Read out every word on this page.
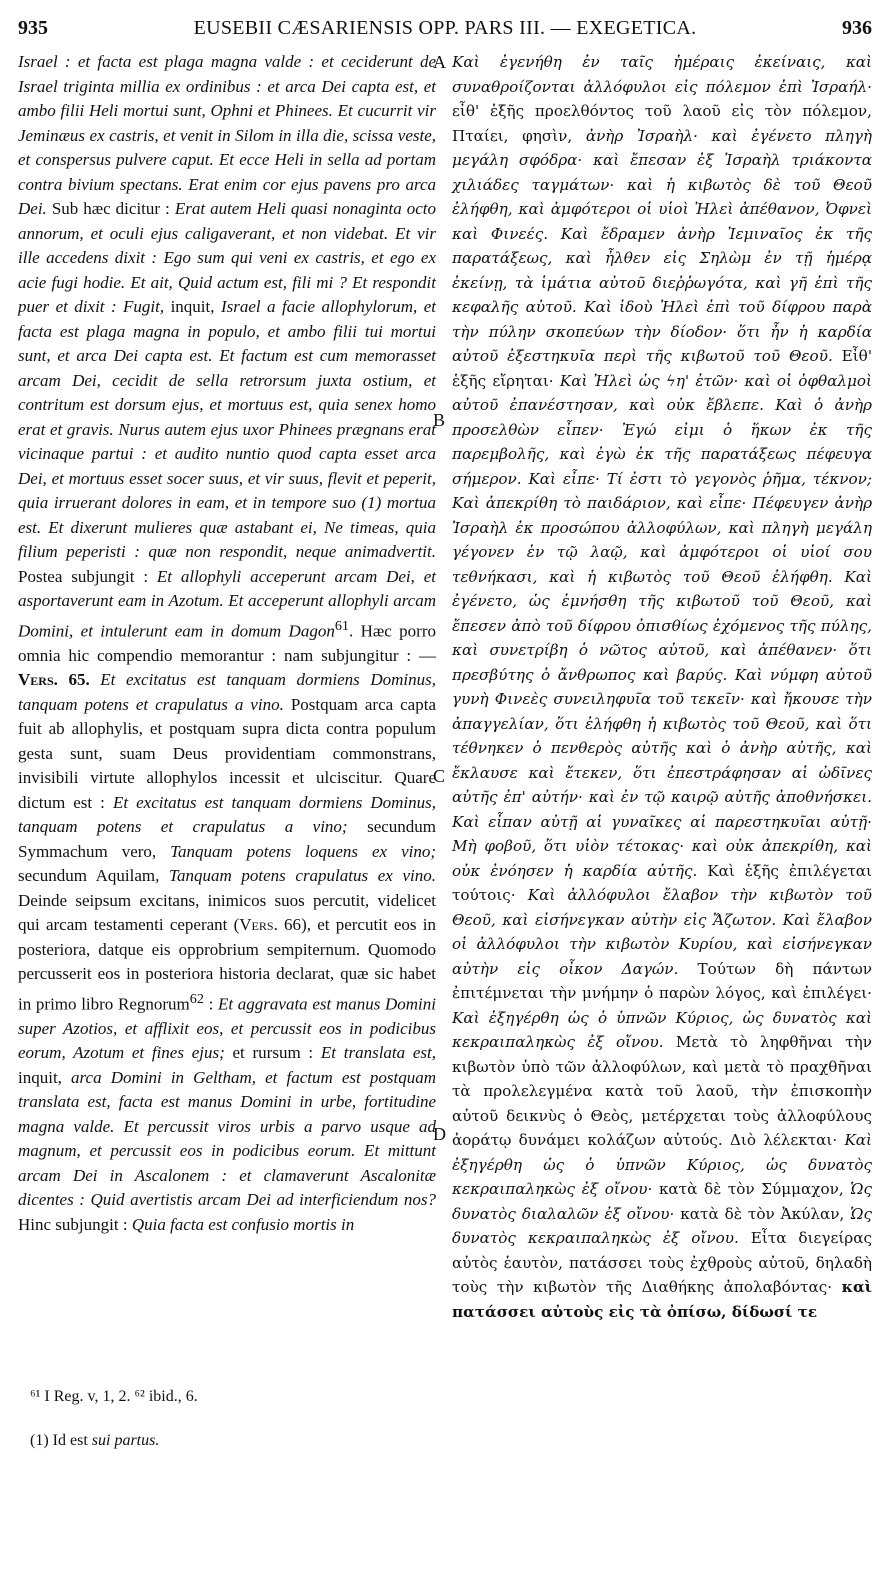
935	EUSEBII CÆSARIENSIS OPP. PARS III. — EXEGETICA.	936

Israel : et facta est plaga magna valde : et ceciderunt de Israel triginta millia ex ordinibus : et arca Dei capta est, et ambo filii Heli mortui sunt, Ophni et Phinees. Et cucurrit vir Jeminæus ex castris, et venit in Silom in illa die, scissa veste, et conspersus pulvere caput. Et ecce Heli in sella ad portam contra bivium spectans. Erat enim cor ejus pavens pro arca Dei. Sub hæc dicitur : Erat autem Heli quasi nonaginta octo annorum, et oculi ejus caligaverant, et non videbat. Et vir ille accedens dixit : Ego sum qui veni ex castris, et ego ex acie fugi hodie. Et ait, Quid actum est, fili mi ? Et respondit puer et dixit : Fugit, inquit, Israel a facie allophylorum, et facta est plaga magna in populo, et ambo filii tui mortui sunt, et arca Dei capta est. Et factum est cum memorasset arcam Dei, cecidit de sella retrorsum juxta ostium, et contritum est dorsum ejus, et mortuus est, quia senex homo erat et gravis. Nurus autem ejus uxor Phinees prægnans erat vicinaque partui : et audito nuntio quod capta esset arca Dei, et mortuus esset socer suus, et vir suus, flevit et peperit, quia irruerant dolores in eam, et in tempore suo (1) mortua est. Et dixerunt mulieres quæ astabant ei, Ne timeas, quia filium peperisti : quæ non respondit, neque animadvertit. Postea subjungit : Et allophyli acceperunt arcam Dei, et asportaverunt eam in Azotum. Et acceperunt allophyli arcam Domini, et intulerunt eam in domum Dagon$^{61}$. Hæc porro omnia hic compendio memorantur : nam subjungitur : — Vers. 65. Et excitatus est tanquam dormiens Dominus, tanquam potens et crapulatus a vino. Postquam arca capta fuit ab allophylis, et postquam supra dicta contra populum gesta sunt, suam Deus providentiam commonstrans, invisibili virtute allophylos incessit et ulciscitur. Quare dictum est : Et excitatus est tanquam dormiens Dominus, tanquam potens et crapulatus a vino; secundum Symmachum vero, Tanquam potens loquens ex vino; secundum Aquilam, Tanquam potens crapulatus ex vino. Deinde seipsum excitans, inimicos suos percutit, videlicet qui arcam testamenti ceperant (Vers. 66), et percutit eos in posteriora, datque eis opprobrium sempiternum. Quomodo percusserit eos in posteriora historia declarat, quæ sic habet in primo libro Regnorum$^{62}$ : Et aggravata est manus Domini super Azotios, et afflixit eos, et percussit eos in podicibus eorum, Azotum et fines ejus; et rursum : Et translata est, inquit, arca Domini in Geltham, et factum est postquam translata est, facta est manus Domini in urbe, fortitudine magna valde. Et percussit viros urbis a parvo usque ad magnum, et percussit eos in podicibus eorum. Et mittunt arcam Dei in Ascalonem : et clamaverunt Ascalonitæ dicentes : Quid avertistis arcam Dei ad interficiendum nos? Hinc subjungit : Quia facta est confusio mortis in

A
B
C
D

Καὶ ἐγενήθη ἐν ταῖς ἡμέραις ἐκείναις, καὶ συναθροίζονται ἀλλόφυλοι εἰς πόλεμον ἐπὶ Ἰσραήλ· εἶθ' ἑξῆς προελθόντος τοῦ λαοῦ εἰς τὸν πόλεμον, Πταίει, φησὶν, ἀνὴρ Ἰσραὴλ· καὶ ἐγένετο πληγὴ μεγάλη σφόδρα· καὶ ἔπεσαν ἐξ Ἰσραὴλ τριάκοντα χιλιάδες ταγμάτων· καὶ ἡ κιβωτὸς δὲ τοῦ Θεοῦ ἐλήφθη, καὶ ἀμφότεροι οἱ υἱοὶ Ἠλεὶ ἀπέθανον, Ὀφνεὶ καὶ Φινεές. Καὶ ἔδραμεν ἀνὴρ Ἰεμιναῖος ἐκ τῆς παρατάξεως, καὶ ἦλθεν εἰς Σηλὼμ ἐν τῇ ἡμέρᾳ ἐκείνῃ, τὰ ἱμάτια αὐτοῦ διεῤῥωγότα, καὶ γῆ ἐπὶ τῆς κεφαλῆς αὐτοῦ. Καὶ ἰδοὺ Ἠλεὶ ἐπὶ τοῦ δίφρου παρὰ τὴν πύλην σκοπεύων τὴν δίοδον· ὅτι ἦν ἡ καρδία αὐτοῦ ἐξεστηκυῖα περὶ τῆς κιβωτοῦ τοῦ Θεοῦ. Εἶθ' ἑξῆς εἴρηται· Καὶ Ἠλεὶ ὡς ϟη' ἐτῶν· καὶ οἱ ὀφθαλμοὶ αὐτοῦ ἐπανέστησαν, καὶ οὐκ ἔβλεπε. Καὶ ὁ ἀνὴρ προσελθὼν εἶπεν· Ἐγώ εἰμι ὁ ἥκων ἐκ τῆς παρεμβολῆς, καὶ ἐγὼ ἐκ τῆς παρατάξεως πέφευγα σήμερον. Καὶ εἶπε· Τί ἐστι τὸ γεγονὸς ῥῆμα, τέκνον; Καὶ ἀπεκρίθη τὸ παιδάριον, καὶ εἶπε· Πέφευγεν ἀνὴρ Ἰσραὴλ ἐκ προσώπου ἀλλοφύλων, καὶ πληγὴ μεγάλη γέγονεν ἐν τῷ λαῷ, καὶ ἀμφότεροι οἱ υἱοί σου τεθνήκασι, καὶ ἡ κιβωτὸς τοῦ Θεοῦ ἐλήφθη. Καὶ ἐγένετο, ὡς ἐμνήσθη τῆς κιβωτοῦ τοῦ Θεοῦ, καὶ ἔπεσεν ἀπὸ τοῦ δίφρου ὀπισθίως ἐχόμενος τῆς πύλης, καὶ συνετρίβη ὁ νῶτος αὐτοῦ, καὶ ἀπέθανεν· ὅτι πρεσβύτης ὁ ἄνθρωπος καὶ βαρύς. Καὶ νύμφη αὐτοῦ γυνὴ Φινεὲς συνειληφυῖα τοῦ τεκεῖν· καὶ ἤκουσε τὴν ἀπαγγελίαν, ὅτι ἐλήφθη ἡ κιβωτὸς τοῦ Θεοῦ, καὶ ὅτι τέθνηκεν ὁ πενθερὸς αὐτῆς καὶ ὁ ἀνὴρ αὐτῆς, καὶ ἔκλαυσε καὶ ἔτεκεν, ὅτι ἐπεστράφησαν αἱ ὠδῖνες αὐτῆς ἐπ' αὐτήν· καὶ ἐν τῷ καιρῷ αὐτῆς ἀποθνήσκει. Καὶ εἶπαν αὐτῇ αἱ γυναῖκες αἱ παρεστηκυῖαι αὐτῇ· Μὴ φοβοῦ, ὅτι υἱὸν τέτοκας· καὶ οὐκ ἀπεκρίθη, καὶ οὐκ ἐνόησεν ἡ καρδία αὐτῆς. Καὶ ἑξῆς ἐπιλέγεται τούτοις· Καὶ ἀλλόφυλοι ἔλαβον τὴν κιβωτὸν τοῦ Θεοῦ, καὶ εἰσήνεγκαν αὐτὴν εἰς Ἄζωτον. Καὶ ἔλαβον οἱ ἀλλόφυλοι τὴν κιβωτὸν Κυρίου, καὶ εἰσήνεγκαν αὐτὴν εἰς οἶκον Δαγών. Τούτων δὴ πάντων ἐπιτέμνεται τὴν μνήμην ὁ παρὼν λόγος, καὶ ἐπιλέγει· Καὶ ἐξηγέρθη ὡς ὁ ὑπνῶν Κύριος, ὡς δυνατὸς καὶ κεκραιπαληκὼς ἐξ οἴνου. Μετὰ τὸ ληφθῆναι τὴν κιβωτὸν ὑπὸ τῶν ἀλλοφύλων, καὶ μετὰ τὸ πραχθῆναι τὰ προλελεγμένα κατὰ τοῦ λαοῦ, τὴν ἐπισκοπὴν αὐτοῦ δεικνὺς ὁ Θεὸς, μετέρχεται τοὺς ἀλλοφύλους ἀοράτῳ δυνάμει κολάζων αὐτούς. Διὸ λέλεκται· Καὶ ἐξηγέρθη ὡς ὁ ὑπνῶν Κύριος, ὡς δυνατὸς κεκραιπαληκὼς ἐξ οἴνου· κατὰ δὲ τὸν Σύμμαχον, Ὡς δυνατὸς διαλαλῶν ἐξ οἴνου· κατὰ δὲ τὸν Ἀκύλαν, Ὡς δυνατὸς κεκραιπαληκὼς ἐξ οἴνου. Εἶτα διεγείρας αὐτὸς ἑαυτὸν, πατάσσει τοὺς ἐχθροὺς αὐτοῦ, δηλαδὴ τοὺς τὴν κιβωτὸν τῆς Διαθήκης ἀπολαβόντας· καὶ πατάσσει αὐτοὺς εἰς τὰ ὀπίσω, δίδωσί τε

⁶¹ I Reg. v, 1, 2. ⁶² ibid., 6.
(1) Id est sui partus.
